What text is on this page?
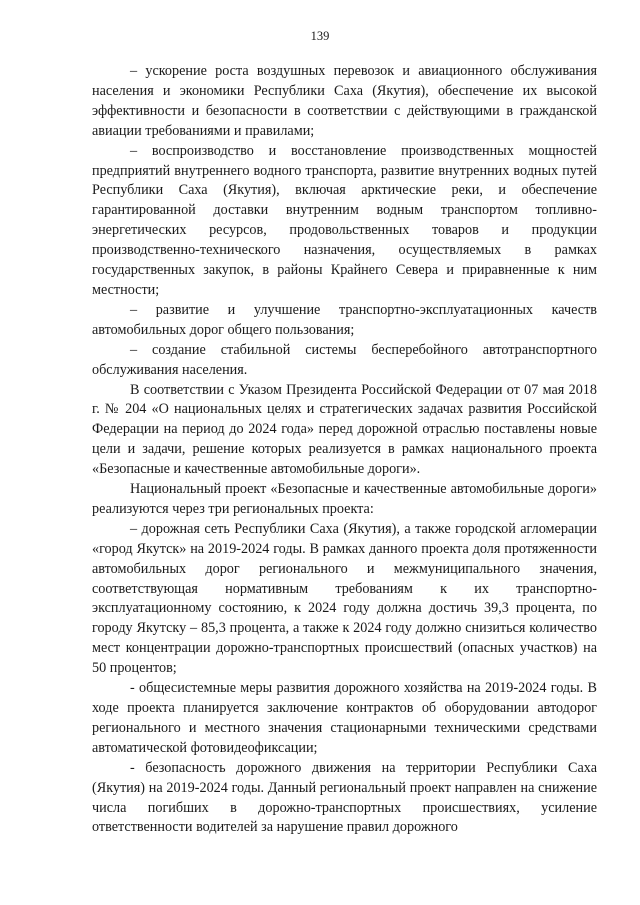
139

– ускорение роста воздушных перевозок и авиационного обслуживания населения и экономики Республики Саха (Якутия), обеспечение их высокой эффективности и безопасности в соответствии с действующими в гражданской авиации требованиями и правилами;

– воспроизводство и восстановление производственных мощностей предприятий внутреннего водного транспорта, развитие внутренних водных путей Республики Саха (Якутия), включая арктические реки, и обеспечение гарантированной доставки внутренним водным транспортом топливно-энергетических ресурсов, продовольственных товаров и продукции производственно-технического назначения, осуществляемых в рамках государственных закупок, в районы Крайнего Севера и приравненные к ним местности;

– развитие и улучшение транспортно-эксплуатационных качеств автомобильных дорог общего пользования;

– создание стабильной системы бесперебойного автотранспортного обслуживания населения.

В соответствии с Указом Президента Российской Федерации от 07 мая 2018 г. № 204 «О национальных целях и стратегических задачах развития Российской Федерации на период до 2024 года» перед дорожной отраслью поставлены новые цели и задачи, решение которых реализуется в рамках национального проекта «Безопасные и качественные автомобильные дороги».

Национальный проект «Безопасные и качественные автомобильные дороги» реализуются через три региональных проекта:

– дорожная сеть Республики Саха (Якутия), а также городской агломерации «город Якутск» на 2019-2024 годы. В рамках данного проекта доля протяженности автомобильных дорог регионального и межмуниципального значения, соответствующая нормативным требованиям к их транспортно-эксплуатационному состоянию, к 2024 году должна достичь 39,3 процента, по городу Якутску – 85,3 процента, а также к 2024 году должно снизиться количество мест концентрации дорожно-транспортных происшествий (опасных участков) на 50 процентов;

- общесистемные меры развития дорожного хозяйства на 2019-2024 годы. В ходе проекта планируется заключение контрактов об оборудовании автодорог регионального и местного значения стационарными техническими средствами автоматической фотовидеофиксации;

- безопасность дорожного движения на территории Республики Саха (Якутия) на 2019-2024 годы. Данный региональный проект направлен на снижение числа погибших в дорожно-транспортных происшествиях, усиление ответственности водителей за нарушение правил дорожного
